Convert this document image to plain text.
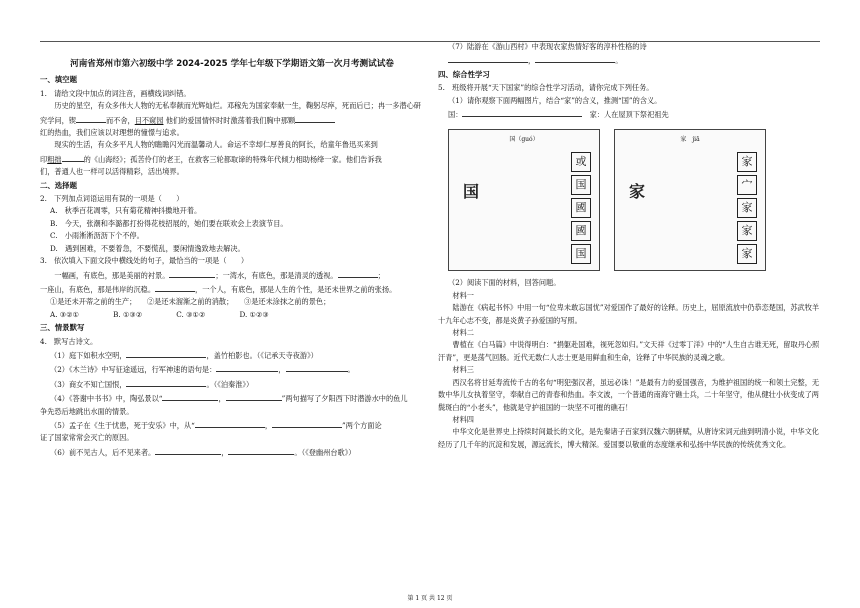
河南省郑州市第六初级中学 2024-2025 学年七年级下学期语文第一次月考测试试卷
一、填空题

1.　请给文段中加点的词注音，画横线词纠错。

历史的星空，有众多伟大人物的无私奉献而光辉灿烂。邓稼先为国家奉献一生，鞠躬尽瘁，死而后已；冉一多潜心研究学问，锲	而不舍，目不窥园 他们的爱国情怀时时激荡着我们胸中那颗

红的热血，我们应该以对理想的憧憬与追求。

现实的生活，有众多平凡人物的瞻瞻闪光而温馨动人。命运不幸却仁厚善良的阿长，给童年鲁迅买来到

印粗拙	的《山海经》；孤苦伶仃的老王，在救客三轮都取谛的特殊年代倾力相助杨绛一家。他们告诉我

们，普通人也一样可以活得精彩，活出境界。

二、选择题

2.　下列加点词语运用有误的一项是（　　）

A.　秋季百花凋零，只有菊花精神抖擞地开着。

B.　今天，张潮和李潞都打扮得花枝招展的，她们要在联欢会上表演节目。

C.　小雨淅淅沥沥下个不停。

D.　遇到困难，不要着急，不要慌乱，要闲情逸致地去解决。

3.　依次填入下面文段中横线处的句子，最恰当的一项是（　　）

一幅画，有底色，那是美丽的衬景。	；一湾水，有底色，那是清灵的透视。	；

一座山，有底色，那是伟岸的沉稳。	，一个人，有底色，那是人生的个性，是还未世界之前的张扬。

①是还未开蒂之前的生产；　　②是还未溜渐之前的消散；　　③是还未涂抹之前的景色；

A. ③②①	B. ①③②	C. ③①②	D. ①②③
三、情景默写

4.　默写古诗文。

（1）庭下如积水空明，	，盖竹柏影也。（《记承天寺夜游》）

（2）《木兰诗》中写征途遥远，行军神速的语句是：	，	。

（3）商女不知亡国恨，	。（《泊秦淮》）

（4）《答谢中书书》中，陶弘景以“	，	”两句描写了夕阳西下时潜游水中的鱼儿

争先恐后地跳出水面的情景。

（5）孟子在《生于忧患，死于安乐》中，从“	，	”两个方面论

证了国家常常会灭亡的原因。

（6）前不见古人，后不见来者。	，	。（《登幽州台歌》）

（7）陆游在《游山西村》中表现农家热情好客的淳朴性格的诗

，	。

四、综合性学习

5.　班级将开展“天下国家”的综合性学习活动，请你完成下列任务。

（1）请你观察下面两幅图片，结合“家”的含义，推测“国”的含义。

国：	　家：人在屋顶下祭祀祖先

国（guó）
国
或
国
國
國
国
家　jiā
家
家
宀
家
家
家

（2）阅读下面的材料，回答问题。

材料一

陆游在《病起书怀》中用一句“位卑未敢忘国忧”对爱国作了最好的诠释。历史上，屈原流放中仍恭恋楚国，苏武牧羊十九年心志不变，都是炎黄子孙爱国的写照。

材料二

曹植在《白马篇》中说得明白：“捐躯赴国难，视死忽如归。”文天祥《过零丁洋》中的“人生自古谁无死，留取丹心照汗青”，更是荡气回肠。近代无数仁人志士更是用鲜血和生命，诠释了中华民族的灵魂之歌。

材料三

西汉名将甘延寿流传千古的名句“明犯强汉者，虽远必诛！”是最有力的爱国强音，为维护祖国的统一和领土完整，无数中华儿女执着坚守，奉献自己的青春和热血。李文波，一个普通的南海守礁士兵，二十年坚守，他从健壮小伙变成了两鬓斑白的“小老头”，他就是守护祖国的一块坚不可摧的礁石！

材料四

中华文化是世界史上持续时间最长的文化，是先秦诸子百家到汉魏六朝骈赋，从唐诗宋词元曲到明清小说，中华文化经历了几千年的沉淀和发展，源远流长，博大精深。爱国要以敬重的态度继承和弘扬中华民族的传统优秀文化。

第 1 页 共 12 页
